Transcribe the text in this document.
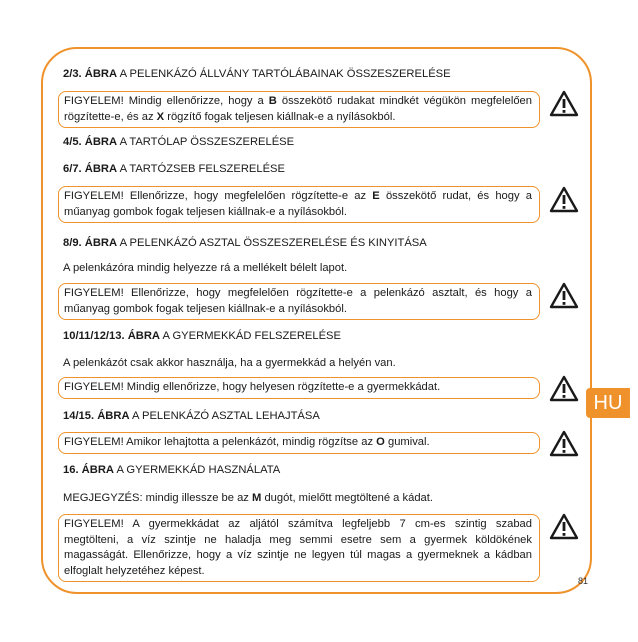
2/3. ÁBRA A PELENKÁZÓ ÁLLVÁNY TARTÓLÁBAINAK ÖSSZESZERELÉSE
FIGYELEM! Mindig ellenőrizze, hogy a B összekötő rudakat mindkét végükön megfelelően
rögzítette-e, és az X rögzítő fogak teljesen kiállnak-e a nyílásokból.
4/5. ÁBRA A TARTÓLAP ÖSSZESZERELÉSE
6/7. ÁBRA A TARTÓZSEB FELSZERELÉSE
FIGYELEM! Ellenőrizze, hogy megfelelően rögzítette-e az E összekötő rudat, és hogy a
műanyag gombok fogak teljesen kiállnak-e a nyílásokból.
8/9. ÁBRA A PELENKÁZÓ ASZTAL ÖSSZESZERELÉSE ÉS KINYITÁSA
A pelenkázóra mindig helyezze rá a mellékelt bélelt lapot.
FIGYELEM! Ellenőrizze, hogy megfelelően rögzítette-e a pelenkázó asztalt, és hogy a
műanyag gombok fogak teljesen kiállnak-e a nyílásokból.
10/11/12/13. ÁBRA A GYERMEKKÁD FELSZERELÉSE
A pelenkázót csak akkor használja, ha a gyermekkád a helyén van.
FIGYELEM! Mindig ellenőrizze, hogy helyesen rögzítette-e a gyermekkádat.
14/15. ÁBRA A PELENKÁZÓ ASZTAL LEHAJTÁSA
FIGYELEM! Amikor lehajtotta a pelenkázót, mindig rögzítse az O gumival.
16. ÁBRA A GYERMEKKÁD HASZNÁLATA
MEGJEGYZÉS: mindig illessze be az M dugót, mielőtt megtöltené a kádat.
FIGYELEM! A gyermekkádat az aljától számítva legfeljebb 7 cm-es szintig szabad
megtölteni, a víz szintje ne haladja meg semmi esetre sem a gyermek köldökének
magasságát. Ellenőrizze, hogy a víz szintje ne legyen túl magas a gyermeknek a kádban
elfoglalt helyzetéhez képest.
HU
81
